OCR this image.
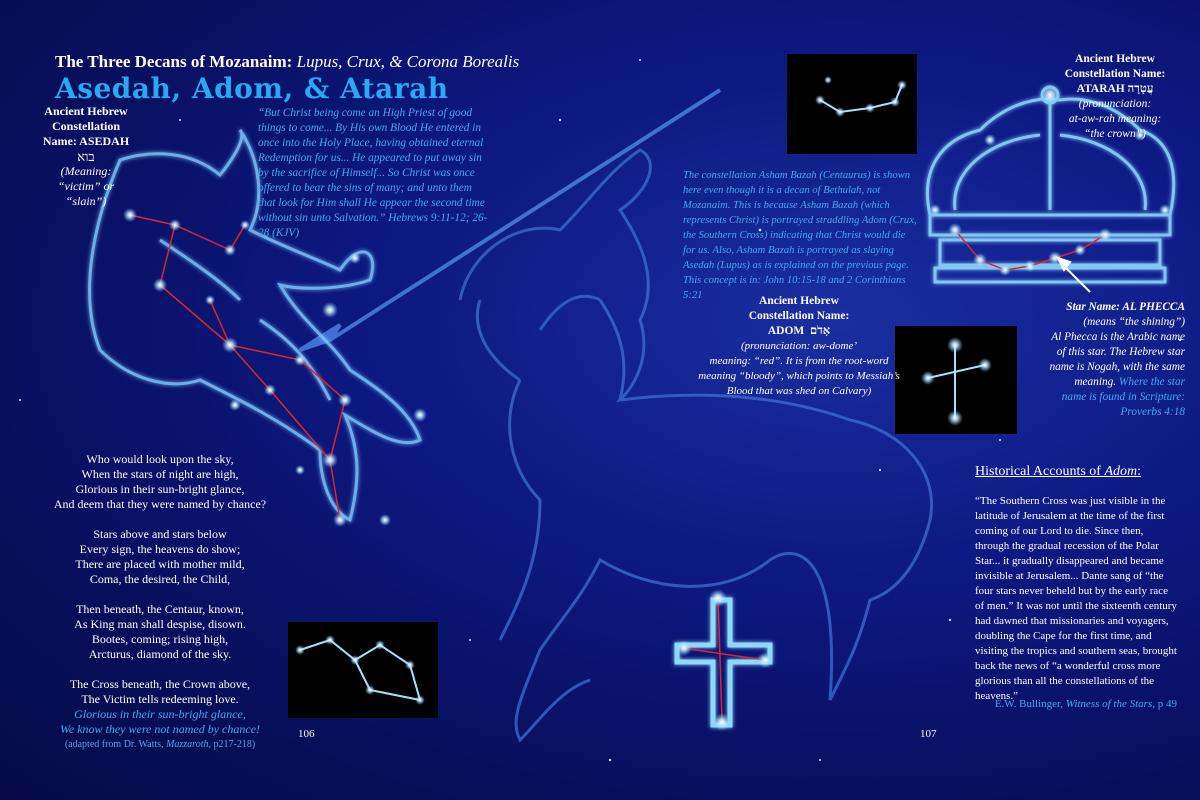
The Three Decans of Mozanaim: Lupus, Crux, & Corona Borealis
Asedah, Adom, & Atarah
Ancient Hebrew
Constellation
Name: ASEDAH
בוא
(Meaning:
“victim” or
“slain”)
“But Christ being come an High Priest of good things to come... By His own Blood He entered in once into the Holy Place, having obtained eternal Redemption for us... He appeared to put away sin by the sacrifice of Himself... So Christ was once offered to bear the sins of many; and unto them that look for Him shall He appear the second time without sin unto Salvation.” Hebrews 9:11-12; 26-28 (KJV)
The constellation Asham Bazah (Centaurus) is shown here even though it is a decan of Bethulah, not Mozanaim. This is because Asham Bazah (which represents Christ) is portrayed straddling Adom (Crux, the Southern Cross) indicating that Christ would die for us. Also, Asham Bazah is portrayed as slaying Asedah (Lupus) as is explained on the previous page. This concept is in: John 10:15-18 and 2 Corinthians 5:21	Ancient Hebrew
Constellation Name:
ADOM אָדֹם
(pronunciation: aw-dome’
meaning: “red”. It is from the root-word
meaning “bloody”, which points to Messiah’s
Blood that was shed on Calvary)
Ancient Hebrew
Constellation Name:
ATARAH עֲטָרָה
(pronunciation:
at-aw-rah meaning:
“the crown”)
Star Name: AL PHECCA
(means “the shining”)
Al Phecca is the Arabic name
of this star. The Hebrew star
name is Nogah, with the same
meaning. Where the star
name is found in Scripture:
Proverbs 4:18
Who would look upon the sky,
When the stars of night are high,
Glorious in their sun-bright glance,
And deem that they were named by chance?
Stars above and stars below
Every sign, the heavens do show;
There are placed with mother mild,
Coma, the desired, the Child,
Then beneath, the Centaur, known,
As King man shall despise, disown.
Bootes, coming; rising high,
Arcturus, diamond of the sky.
The Cross beneath, the Crown above,
The Victim tells redeeming love.
Glorious in their sun-bright glance,
We know they were not named by chance!
(adapted from Dr. Watts, Mazzaroth, p217-218)
106	107
Historical Accounts of Adom:
“The Southern Cross was just visible in the latitude of Jerusalem at the time of the first coming of our Lord to die. Since then, through the gradual recession of the Polar Star... it gradually disappeared and became invisible at Jerusalem... Dante sang of “the four stars never beheld but by the early race of men.” It was not until the sixteenth century had dawned that missionaries and voyagers, doubling the Cape for the first time, and visiting the tropics and southern seas, brought back the news of “a wonderful cross more glorious than all the constellations of the heavens.”
E.W. Bullinger, Witness of the Stars, p 49
